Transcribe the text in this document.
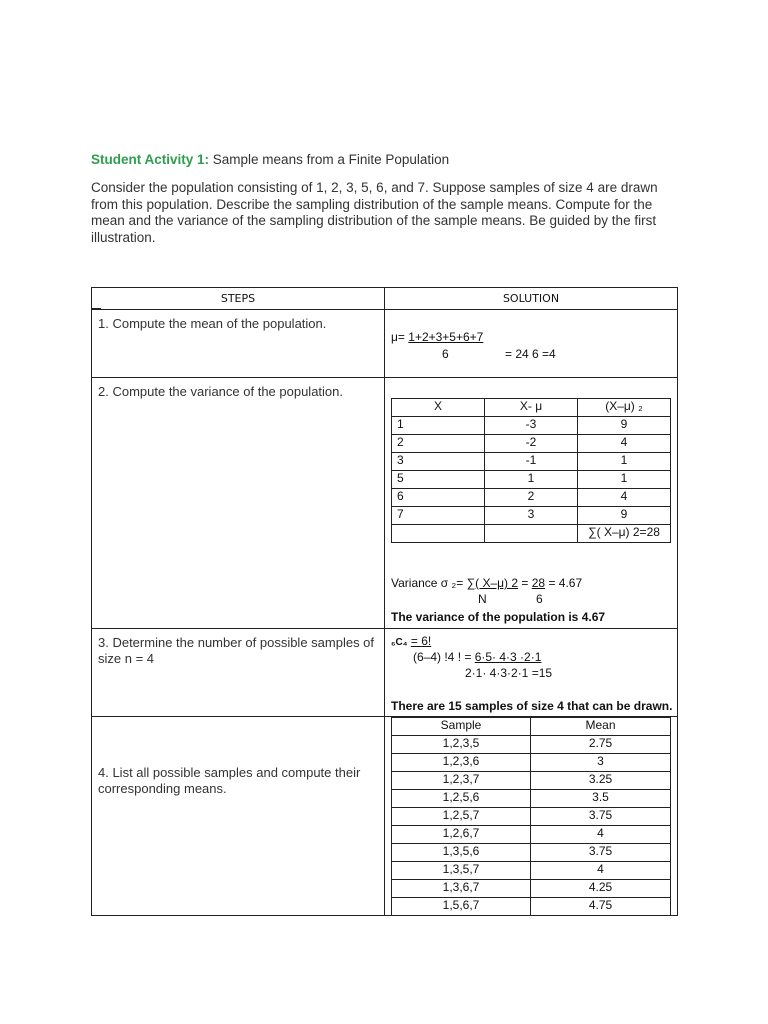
Student Activity 1: Sample means from a Finite Population
Consider the population consisting of 1, 2, 3, 5, 6, and 7. Suppose samples of size 4 are drawn from this population. Describe the sampling distribution of the sample means. Compute for the mean and the variance of the sampling distribution of the sample means. Be guided by the first illustration.
STEPS	SOLUTION
1. Compute the mean of the population.	
μ= 1+2+3+5+6+7
6	= 24 6 =4

2. Compute the variance of the population.	
X	X- μ	(X–μ) ₂
1	-3	9
2	-2	4
3	-1	1
5	1	1
6	2	4
7	3	9
		∑( X–μ) 2=28
Variance σ ₂= ∑( X–μ) 2 = 28 = 4.67
N	6
The variance of the population is 4.67

3. Determine the number of possible samples of size n = 4	
₆C₄ = 6!
(6–4) !4 ! = 6·5· 4·3 ·2·1
2·1· 4·3·2·1 =15
There are 15 samples of size 4 that can be drawn.

4. List all possible samples and compute their corresponding means.	
Sample	Mean
1,2,3,5	2.75
1,2,3,6	3
1,2,3,7	3.25
1,2,5,6	3.5
1,2,5,7	3.75
1,2,6,7	4
1,3,5,6	3.75
1,3,5,7	4
1,3,6,7	4.25
1,5,6,7	4.75
